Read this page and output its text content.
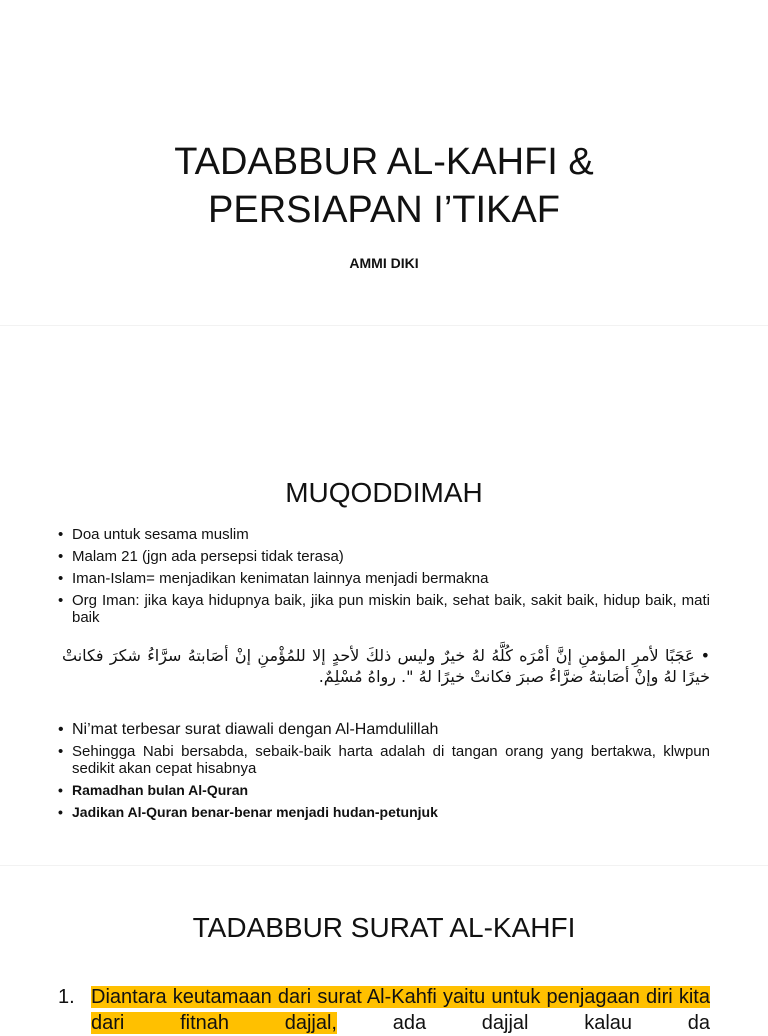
TADABBUR AL-KAHFI &
PERSIAPAN I’TIKAF
AMMI DIKI
MUQODDIMAH
• Doa untuk sesama muslim
• Malam 21 (jgn ada persepsi tidak terasa)
• Iman-Islam= menjadikan kenimatan lainnya menjadi bermakna
• Org Iman: jika kaya hidupnya baik, jika pun miskin baik, sehat baik, sakit baik, hidup baik, mati baik
•عَجَبًا لأمرِ المؤمنِ إنَّ أمْرَه كُلَّهُ لهُ خيرٌ وليس ذلكَ لأحدٍ إلا للمُؤْمنِ إنْ أصَابتهُ سرَّاءُ شكرَ فكانتْ خيرًا لهُ وإنْ أصَابتهُ ضرَّاءُ صبرَ فكانتْ خيرًا لهُ ". رواهُ مُسْلِمٌ.
• Ni’mat terbesar surat diawali dengan Al-Hamdulillah
• Sehingga Nabi bersabda, sebaik-baik harta adalah di tangan orang yang bertakwa, klwpun sedikit akan cepat hisabnya
• Ramadhan bulan Al-Quran
• Jadikan Al-Quran benar-benar menjadi hudan-petunjuk
TADABBUR SURAT AL-KAHFI
1. Diantara keutamaan dari surat Al-Kahfi yaitu untuk penjagaan diri kita dari fitnah dajjal, ada dajjal kalau da
